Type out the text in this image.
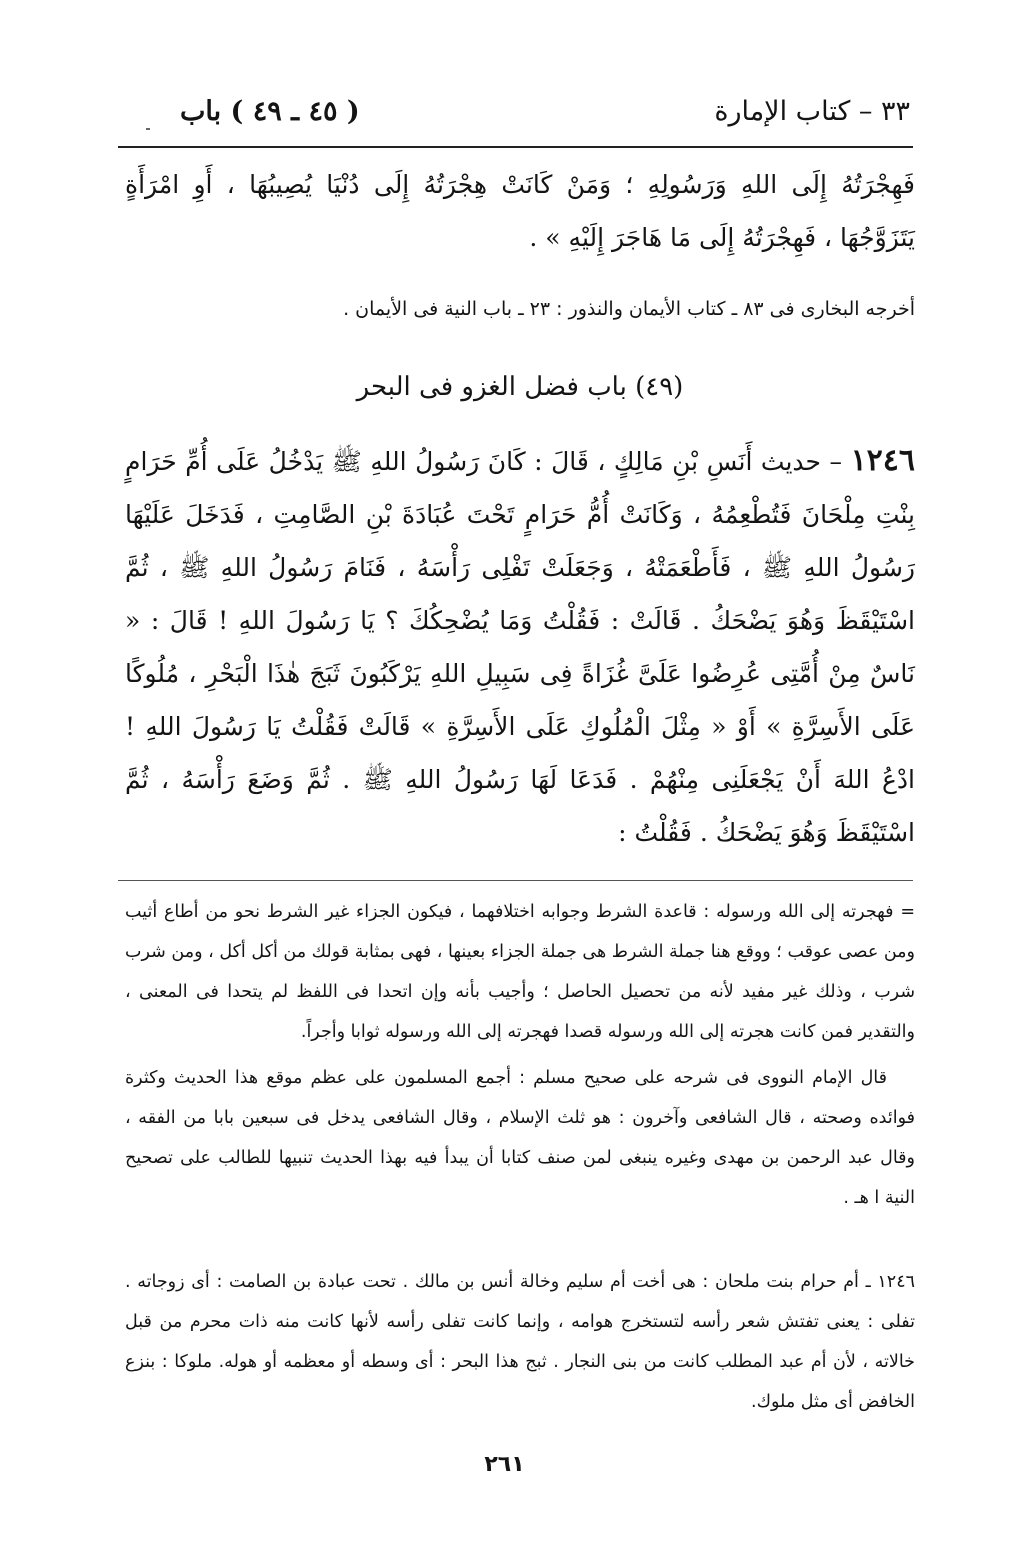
٣٣ – كتاب الإمارة
( ٤٥ ـ ٤٩ ) باب
فَهِجْرَتُهُ إِلَى اللهِ وَرَسُولِهِ ؛ وَمَنْ كَانَتْ هِجْرَتُهُ إِلَى دُنْيَا يُصِيبُهَا ، أَوِ امْرَأَةٍ يَتَزَوَّجُهَا ، فَهِجْرَتُهُ إِلَى مَا هَاجَرَ إِلَيْهِ » .
أخرجه البخارى فى ٨٣ ـ كتاب الأيمان والنذور : ٢٣ ـ باب النية فى الأيمان .
(٤٩) باب فضل الغزو فى البحر
١٢٤٦ – حديث أَنَسِ بْنِ مَالِكٍ ، قَالَ : كَانَ رَسُولُ اللهِ ﷺ يَدْخُلُ عَلَى أُمِّ حَرَامٍ بِنْتِ مِلْحَانَ فَتُطْعِمُهُ ، وَكَانَتْ أُمُّ حَرَامٍ تَحْتَ عُبَادَةَ بْنِ الصَّامِتِ ، فَدَخَلَ عَلَيْهَا رَسُولُ اللهِ ﷺ ، فَأَطْعَمَتْهُ ، وَجَعَلَتْ تَفْلِى رَأْسَهُ ، فَنَامَ رَسُولُ اللهِ ﷺ ، ثُمَّ اسْتَيْقَظَ وَهُوَ يَضْحَكُ . قَالَتْ : فَقُلْتُ وَمَا يُضْحِكُكَ ؟ يَا رَسُولَ اللهِ ! قَالَ : « نَاسٌ مِنْ أُمَّتِى عُرِضُوا عَلَىَّ غُزَاةً فِى سَبِيلِ اللهِ يَرْكَبُونَ ثَبَجَ هٰذَا الْبَحْرِ ، مُلُوكًا عَلَى الأَسِرَّةِ » أَوْ « مِثْلَ الْمُلُوكِ عَلَى الأَسِرَّةِ » قَالَتْ فَقُلْتُ يَا رَسُولَ اللهِ ! ادْعُ اللهَ أَنْ يَجْعَلَنِى مِنْهُمْ . فَدَعَا لَهَا رَسُولُ اللهِ ﷺ . ثُمَّ وَضَعَ رَأْسَهُ ، ثُمَّ اسْتَيْقَظَ وَهُوَ يَضْحَكُ . فَقُلْتُ :
= فهجرته إلى الله ورسوله : قاعدة الشرط وجوابه اختلافهما ، فيكون الجزاء غير الشرط نحو من أطاع أثيب ومن عصى عوقب ؛ ووقع هنا جملة الشرط هى جملة الجزاء بعينها ، فهى بمثابة قولك من أكل أكل ، ومن شرب شرب ، وذلك غير مفيد لأنه من تحصيل الحاصل ؛ وأجيب بأنه وإن اتحدا فى اللفظ لم يتحدا فى المعنى ، والتقدير فمن كانت هجرته إلى الله ورسوله قصدا فهجرته إلى الله ورسوله ثوابا وأجراً.
قال الإمام النووى فى شرحه على صحيح مسلم : أجمع المسلمون على عظم موقع هذا الحديث وكثرة فوائده وصحته ، قال الشافعى وآخرون : هو ثلث الإسلام ، وقال الشافعى يدخل فى سبعين بابا من الفقه ، وقال عبد الرحمن بن مهدى وغيره ينبغى لمن صنف كتابا أن يبدأ فيه بهذا الحديث تنبيها للطالب على تصحيح النية ا هـ .
١٢٤٦ ـ أم حرام بنت ملحان : هى أخت أم سليم وخالة أنس بن مالك . تحت عبادة بن الصامت : أى زوجاته . تفلى : يعنى تفتش شعر رأسه لتستخرج هوامه ، وإنما كانت تفلى رأسه لأنها كانت منه ذات محرم من قبل خالاته ، لأن أم عبد المطلب كانت من بنى النجار . ثبج هذا البحر : أى وسطه أو معظمه أو هوله. ملوكا : بنزع الخافض أى مثل ملوك.
٢٦١
